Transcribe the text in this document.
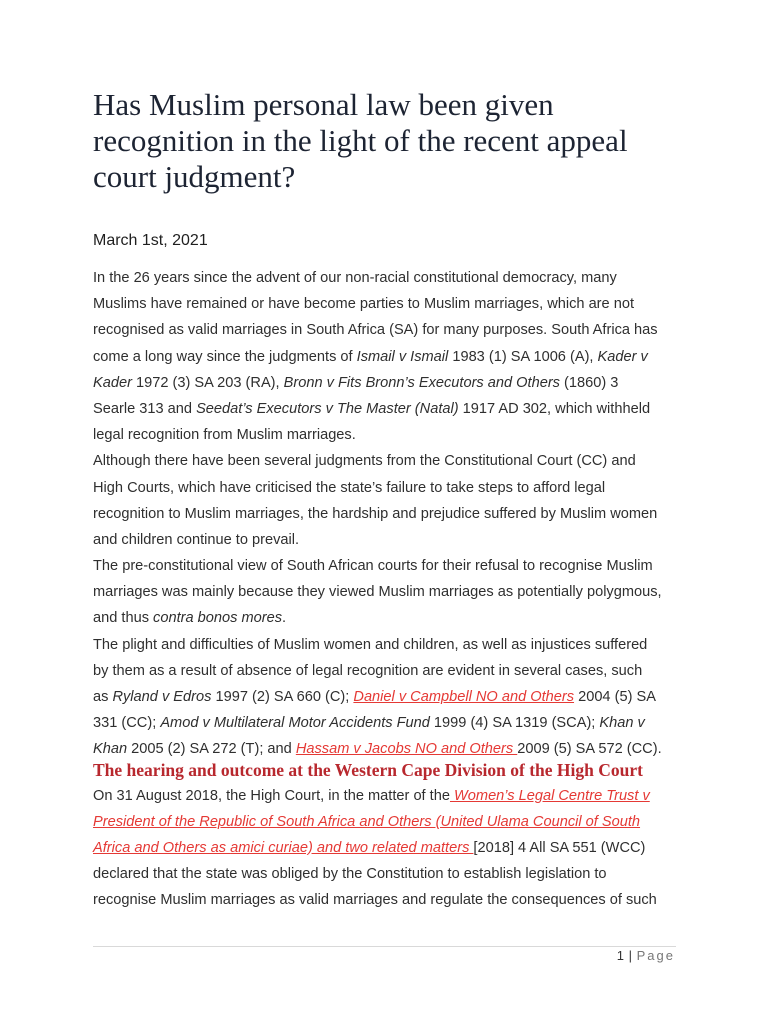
Has Muslim personal law been given
recognition in the light of the recent appeal
court judgment?
March 1st, 2021
In the 26 years since the advent of our non-racial constitutional democracy, many
Muslims have remained or have become parties to Muslim marriages, which are not
recognised as valid marriages in South Africa (SA) for many purposes. South Africa has
come a long way since the judgments of Ismail v Ismail 1983 (1) SA 1006 (A), Kader v
Kader 1972 (3) SA 203 (RA), Bronn v Fits Bronn’s Executors and Others (1860) 3
Searle 313 and Seedat’s Executors v The Master (Natal) 1917 AD 302, which withheld
legal recognition from Muslim marriages.
Although there have been several judgments from the Constitutional Court (CC) and
High Courts, which have criticised the state’s failure to take steps to afford legal
recognition to Muslim marriages, the hardship and prejudice suffered by Muslim women
and children continue to prevail.
The pre-constitutional view of South African courts for their refusal to recognise Muslim
marriages was mainly because they viewed Muslim marriages as potentially polygmous,
and thus contra bonos mores.
The plight and difficulties of Muslim women and children, as well as injustices suffered
by them as a result of absence of legal recognition are evident in several cases, such
as Ryland v Edros 1997 (2) SA 660 (C); Daniel v Campbell NO and Others 2004 (5) SA
331 (CC); Amod v Multilateral Motor Accidents Fund 1999 (4) SA 1319 (SCA); Khan v
Khan 2005 (2) SA 272 (T); and Hassam v Jacobs NO and Others 2009 (5) SA 572 (CC).
The hearing and outcome at the Western Cape Division of the High Court
On 31 August 2018, the High Court, in the matter of the Women’s Legal Centre Trust v
President of the Republic of South Africa and Others (United Ulama Council of South
Africa and Others as amici curiae) and two related matters [2018] 4 All SA 551 (WCC)
declared that the state was obliged by the Constitution to establish legislation to
recognise Muslim marriages as valid marriages and regulate the consequences of such
1 | Page
